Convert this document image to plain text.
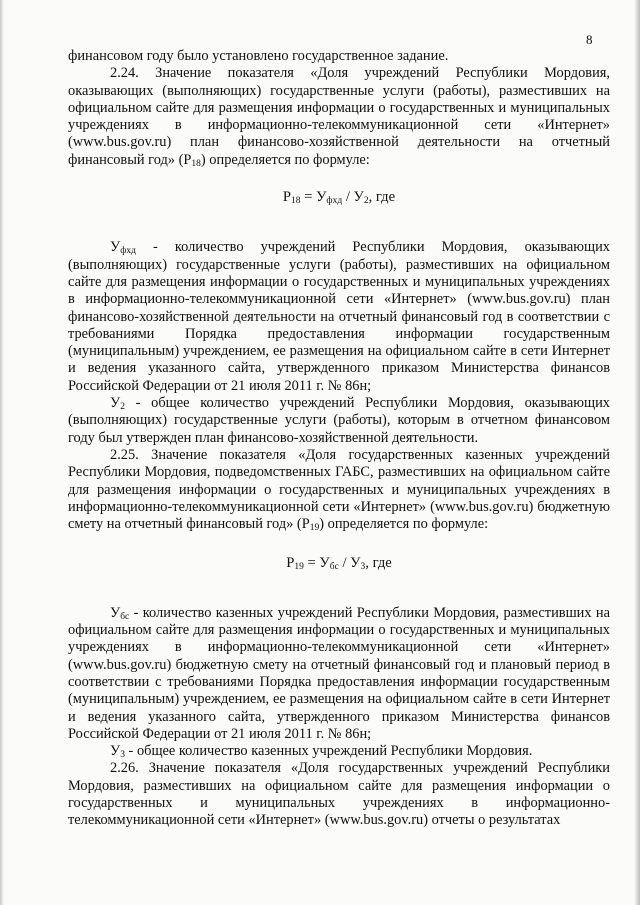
8

финансовом году было установлено государственное задание.

2.24. Значение показателя «Доля учреждений Республики Мордовия, оказывающих (выполняющих) государственные услуги (работы), разместивших на официальном сайте для размещения информации о государственных и муниципальных учреждениях в информационно-телекоммуникационной сети «Интернет» (www.bus.gov.ru) план финансово-хозяйственной деятельности на отчетный финансовый год» $(Р_{18})$ определяется по формуле:

$Р_{18} = У_{фхд} / У_2$, где

$У_{фхд}$ - количество учреждений Республики Мордовия, оказывающих (выполняющих) государственные услуги (работы), разместивших на официальном сайте для размещения информации о государственных и муниципальных учреждениях в информационно-телекоммуникационной сети «Интернет» (www.bus.gov.ru) план финансово-хозяйственной деятельности на отчетный финансовый год в соответствии с требованиями Порядка предоставления информации государственным (муниципальным) учреждением, ее размещения на официальном сайте в сети Интернет и ведения указанного сайта, утвержденного приказом Министерства финансов Российской Федерации от 21 июля 2011 г. № 86н;

$У_2$ - общее количество учреждений Республики Мордовия, оказывающих (выполняющих) государственные услуги (работы), которым в отчетном финансовом году был утвержден план финансово-хозяйственной деятельности.

2.25. Значение показателя «Доля государственных казенных учреждений Республики Мордовия, подведомственных ГАБС, разместивших на официальном сайте для размещения информации о государственных и муниципальных учреждениях в информационно-телекоммуникационной сети «Интернет» (www.bus.gov.ru) бюджетную смету на отчетный финансовый год» $(Р_{19})$ определяется по формуле:

$Р_{19} = У_{бс} / У_3$, где

$У_{бс}$ - количество казенных учреждений Республики Мордовия, разместивших на официальном сайте для размещения информации о государственных и муниципальных учреждениях в информационно-телекоммуникационной сети «Интернет» (www.bus.gov.ru) бюджетную смету на отчетный финансовый год и плановый период в соответствии с требованиями Порядка предоставления информации государственным (муниципальным) учреждением, ее размещения на официальном сайте в сети Интернет и ведения указанного сайта, утвержденного приказом Министерства финансов Российской Федерации от 21 июля 2011 г. № 86н;

$У_3$ - общее количество казенных учреждений Республики Мордовия.

2.26. Значение показателя «Доля государственных учреждений Республики Мордовия, разместивших на официальном сайте для размещения информации о государственных и муниципальных учреждениях в информационно-телекоммуникационной сети «Интернет» (www.bus.gov.ru) отчеты о результатах
